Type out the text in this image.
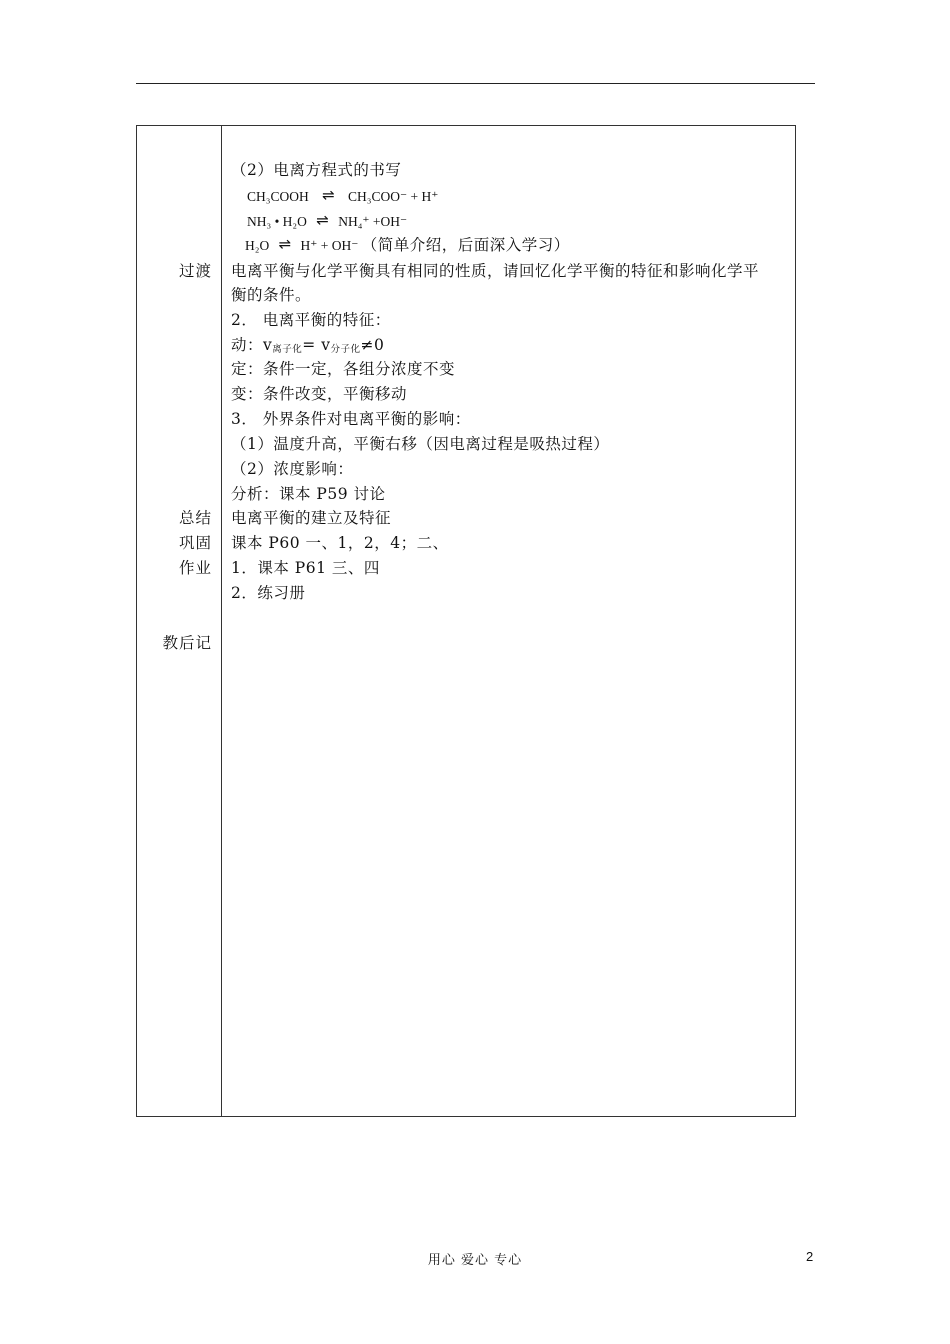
过渡
总结
巩固
作业
教后记
（2）电离方程式的书写
CH₃COOH ⇌ CH₃COO⁻ + H⁺
NH₃ • H₂O ⇌ NH₄⁺ +OH⁻
H₂O ⇌ H⁺ + OH⁻ （简单介绍，后面深入学习）
电离平衡与化学平衡具有相同的性质，请回忆化学平衡的特征和影响化学平
衡的条件。
2． 电离平衡的特征：
动：v离子化= v分子化≠0
定：条件一定，各组分浓度不变
变：条件改变，平衡移动
3． 外界条件对电离平衡的影响：
（1）温度升高，平衡右移（因电离过程是吸热过程）
（2）浓度影响：
分析：课本 P59 讨论
电离平衡的建立及特征
课本 P60 一、1，2，4；二、
1．课本 P61 三、四
2．练习册
用心 爱心 专心	2
